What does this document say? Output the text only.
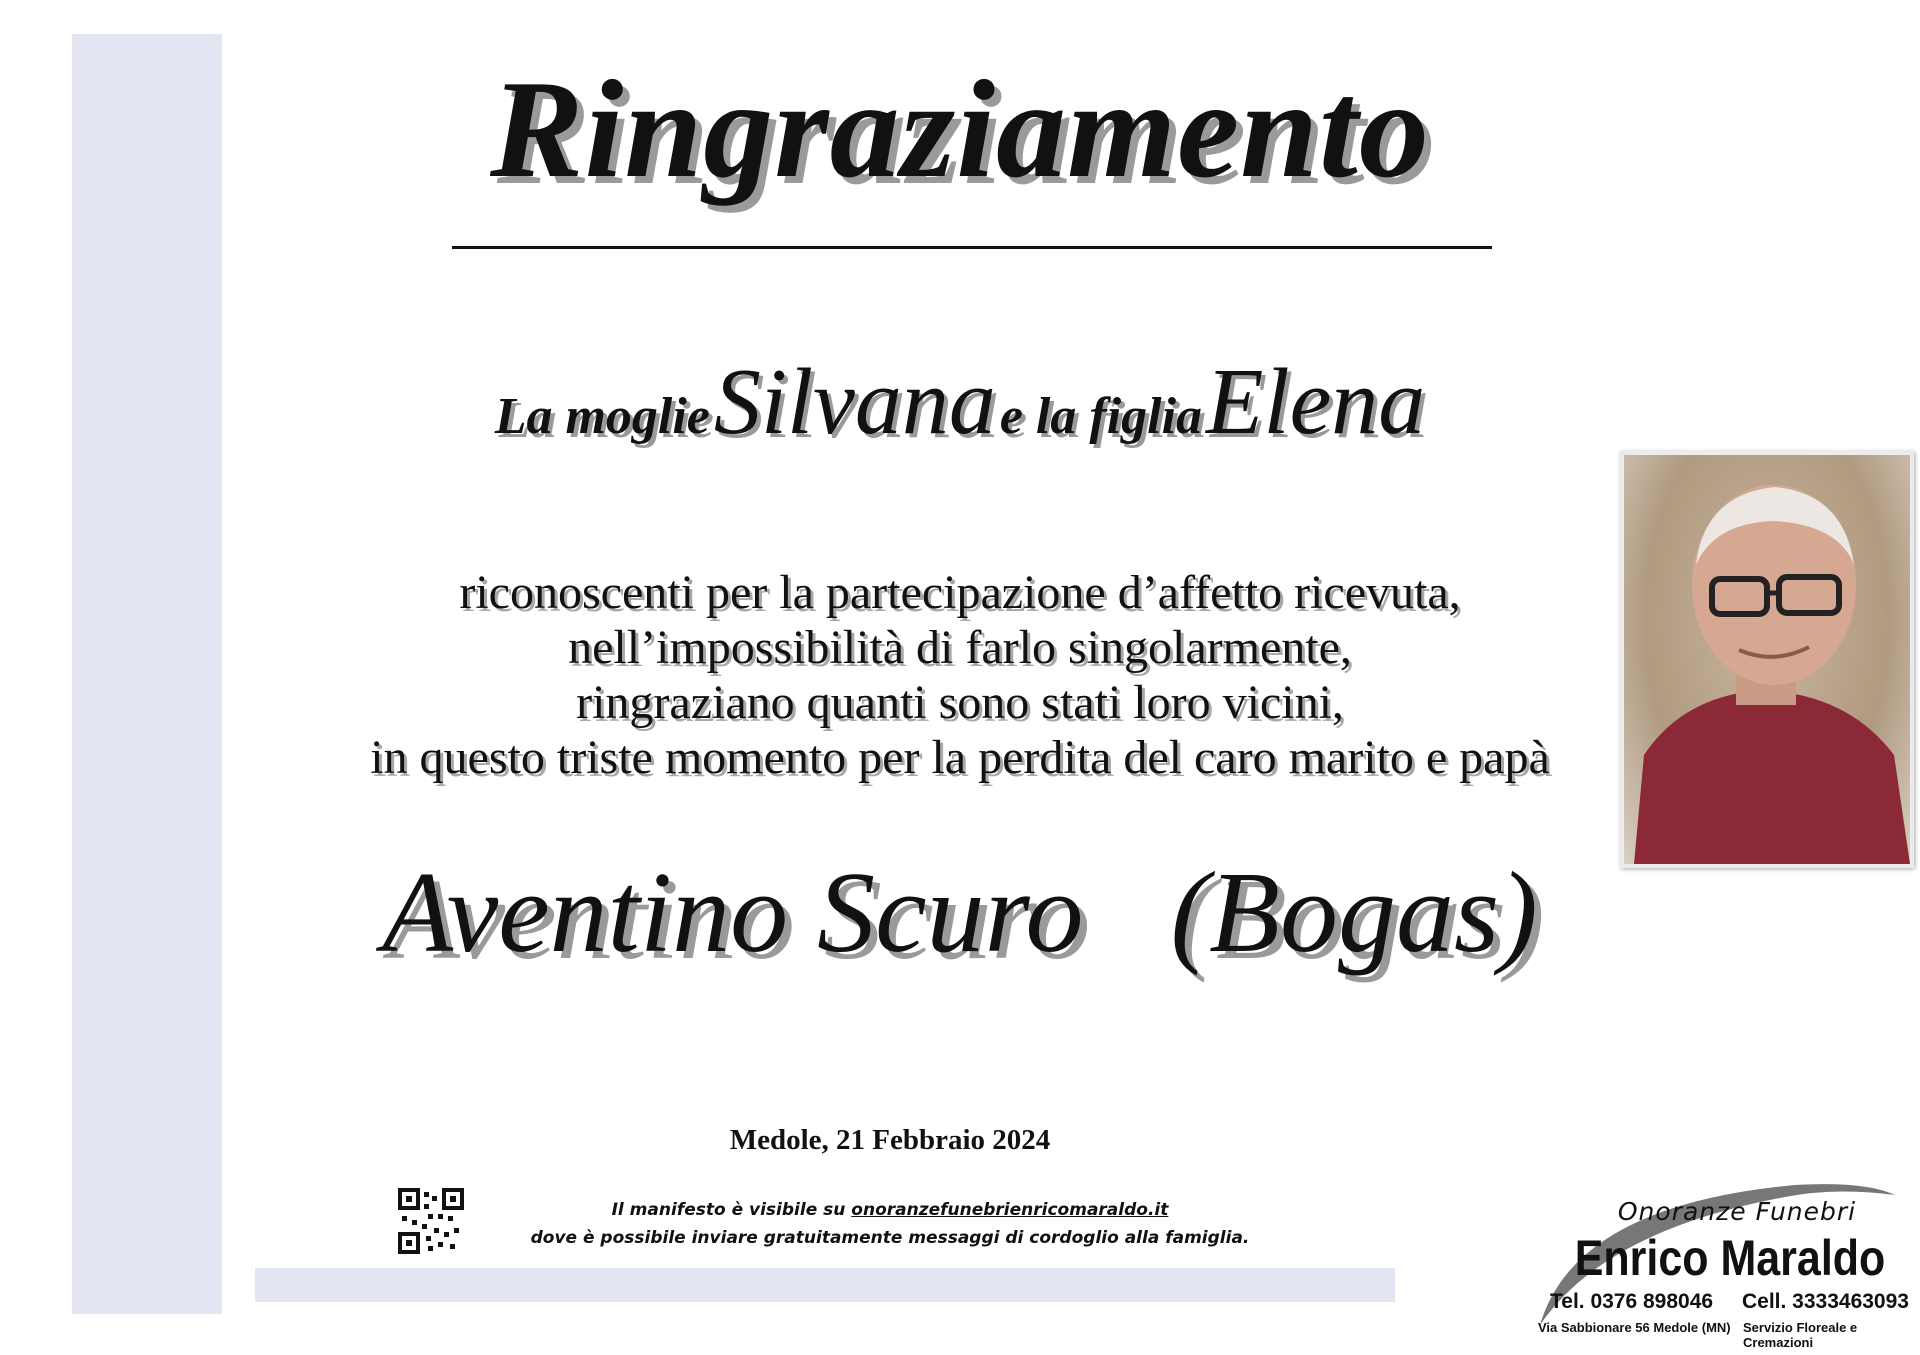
Ringraziamento
La moglie Silvana e la figlia Elena
riconoscenti per la partecipazione d’affetto ricevuta,
nell’impossibilità di farlo singolarmente,
ringraziano quanti sono stati loro vicini,
in questo triste momento per la perdita del caro marito e papà
Aventino Scuro (Bogas)
Medole, 21 Febbraio 2024
Il manifesto è visibile su onoranzefunebrienricomaraldo.it
dove è possibile inviare gratuitamente messaggi di cordoglio alla famiglia.
Onoranze Funebri
Enrico Maraldo
Tel. 0376 898046 Cell. 3333463093
Via Sabbionare 56 Medole (MN) Servizio Floreale e Cremazioni
